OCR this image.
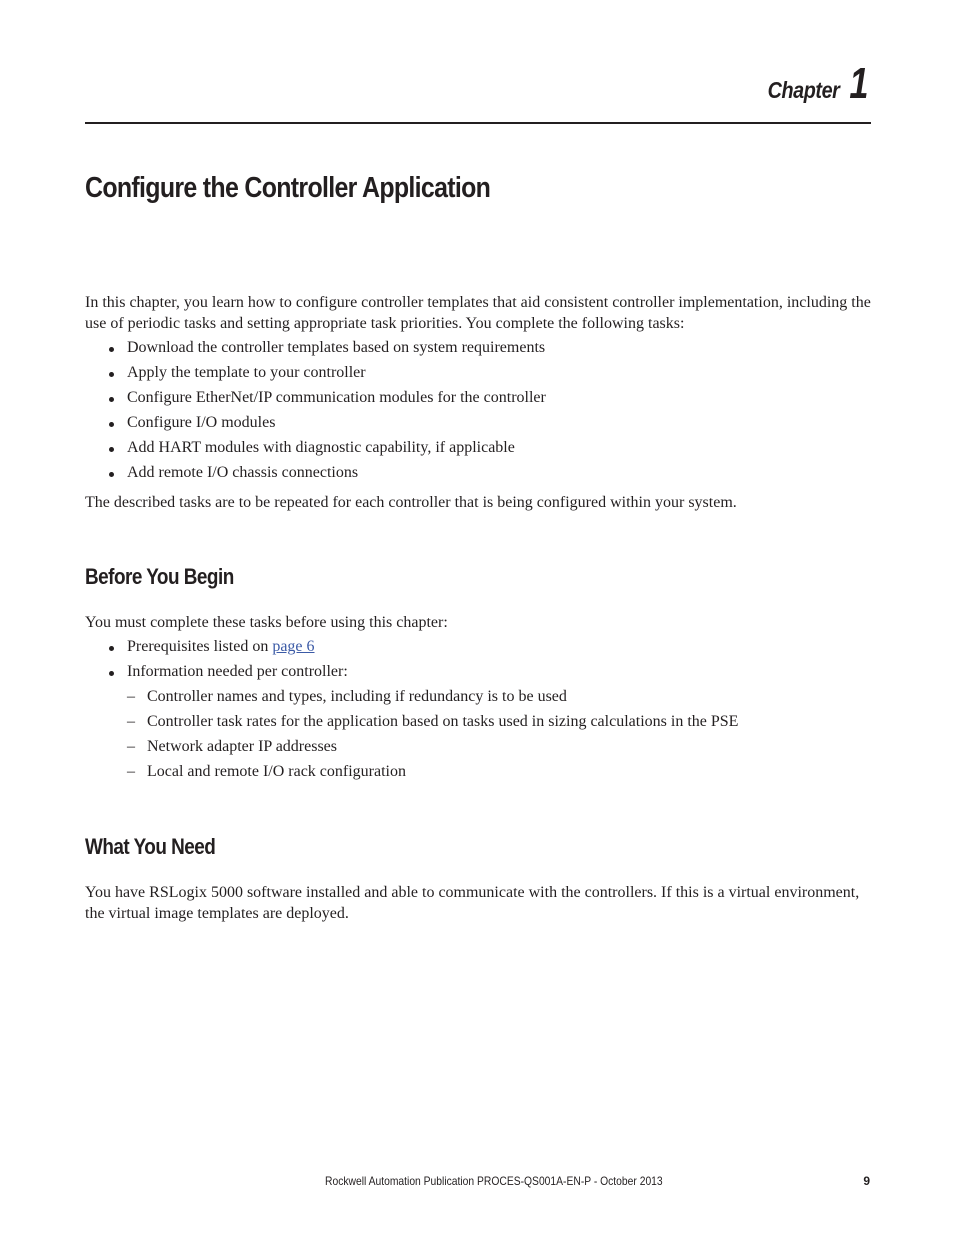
Chapter 1
Configure the Controller Application

In this chapter, you learn how to configure controller templates that aid consistent controller implementation, including the use of periodic tasks and setting appropriate task priorities. You complete the following tasks:

Download the controller templates based on system requirements
Apply the template to your controller
Configure EtherNet/IP communication modules for the controller
Configure I/O modules
Add HART modules with diagnostic capability, if applicable
Add remote I/O chassis connections

The described tasks are to be repeated for each controller that is being configured within your system.

Before You Begin

You must complete these tasks before using this chapter:

Prerequisites listed on page 6
Information needed per controller:
– Controller names and types, including if redundancy is to be used
– Controller task rates for the application based on tasks used in sizing calculations in the PSE
– Network adapter IP addresses
– Local and remote I/O rack configuration
What You Need

You have RSLogix 5000 software installed and able to communicate with the controllers. If this is a virtual environment, the virtual image templates are deployed.

Rockwell Automation Publication PROCES-QS001A-EN-P - October 2013	9
